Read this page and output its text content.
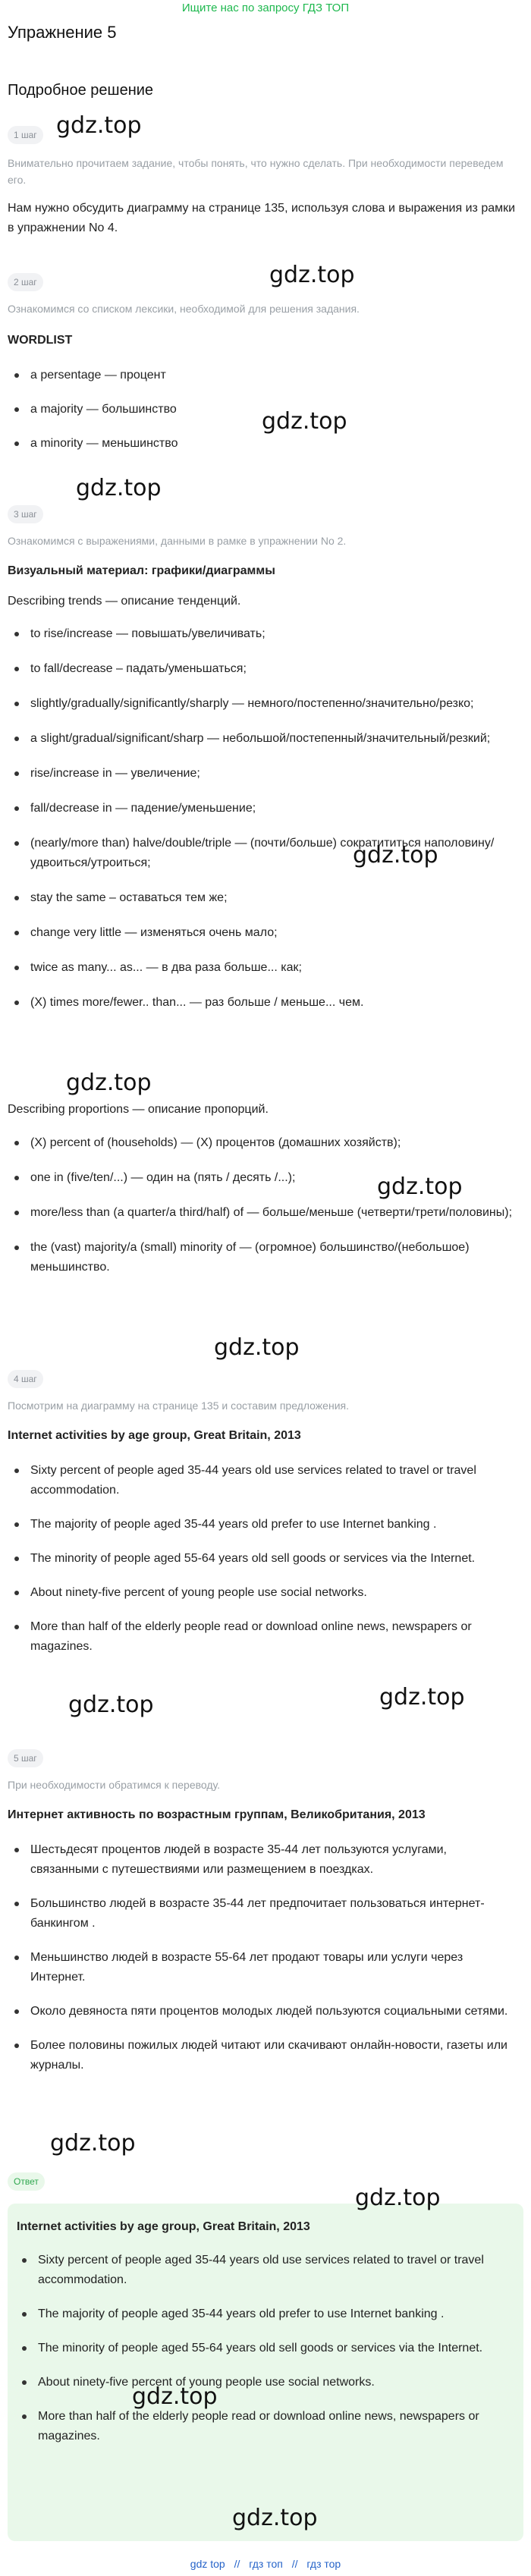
Ищите нас по запросу ГДЗ ТОП
Упражнение 5
Подробное решение
1 шаг

Внимательно прочитаем задание, чтобы понять, что нужно сделать. При необходимости переведем его.

Нам нужно обсудить диаграмму на странице 135, используя слова и выражения из рамки в упражнении No 4.

2 шаг

Ознакомимся со списком лексики, необходимой для решения задания.

WORDLIST

a persentage — процент
a majority — большинство
a minority — меньшинство
3 шаг

Ознакомимся с выражениями, данными в рамке в упражнении No 2.

Визуальный материал: графики/диаграммы

Describing trends — описание тенденций.

to rise/increase — повышать/увеличивать;
to fall/decrease – падать/уменьшаться;
slightly/gradually/significantly/sharply — немного/постепенно/значительно/резко;
a slight/gradual/significant/sharp — небольшой/постепенный/значительный/резкий;
rise/increase in — увеличение;
fall/decrease in — падение/уменьшение;
(nearly/more than) halve/double/triple — (почти/больше) сократититься наполовину/удвоиться/утроиться;
stay the same – оставаться тем же;
change very little — изменяться очень мало;
twice as many... as... — в два раза больше... как;
(X) times more/fewer.. than... — раз больше / меньше... чем.

Describing proportions — описание пропорций.

(X) percent of (households) — (X) процентов (домашних хозяйств);
one in (five/ten/...) — один на (пять / десять /...);
more/less than (a quarter/a third/half) of — больше/меньше (четверти/трети/половины);
the (vast) majority/a (small) minority of — (огромное) большинство/(небольшое) меньшинство.
4 шаг

Посмотрим на диаграмму на странице 135 и составим предложения.

Internet activities by age group, Great Britain, 2013

Sixty percent of people aged 35-44 years old use services related to travel or travel accommodation.
The majority of people aged 35-44 years old prefer to use Internet banking .
The minority of people aged 55-64 years old sell goods or services via the Internet.
About ninety-five percent of young people use social networks.
More than half of the elderly people read or download online news, newspapers or magazines.
5 шаг

При необходимости обратимся к переводу.

Интернет активность по возрастным группам, Великобритания, 2013

Шестьдесят процентов людей в возрасте 35-44 лет пользуются услугами, связанными с путешествиями или размещением в поездках.
Большинство людей в возрасте 35-44 лет предпочитает пользоваться интернет-банкингом .
Меньшинство людей в возрасте 55-64 лет продают товары или услуги через Интернет.
Около девяноста пяти процентов молодых людей пользуются социальными сетями.
Более половины пожилых людей читают или скачивают онлайн-новости, газеты или журналы.
Ответ

Internet activities by age group, Great Britain, 2013

Sixty percent of people aged 35-44 years old use services related to travel or travel accommodation.
The majority of people aged 35-44 years old prefer to use Internet banking .
The minority of people aged 55-64 years old sell goods or services via the Internet.
About ninety-five percent of young people use social networks.
More than half of the elderly people read or download online news, newspapers or magazines.
gdz.top
gdz.top
gdz.top
gdz.top
gdz.top
gdz.top
gdz.top
gdz.top
gdz.top	gdz.top
gdz.top
gdz.top
gdz.top
gdz.top
gdz top // гдз топ // гдз тор
